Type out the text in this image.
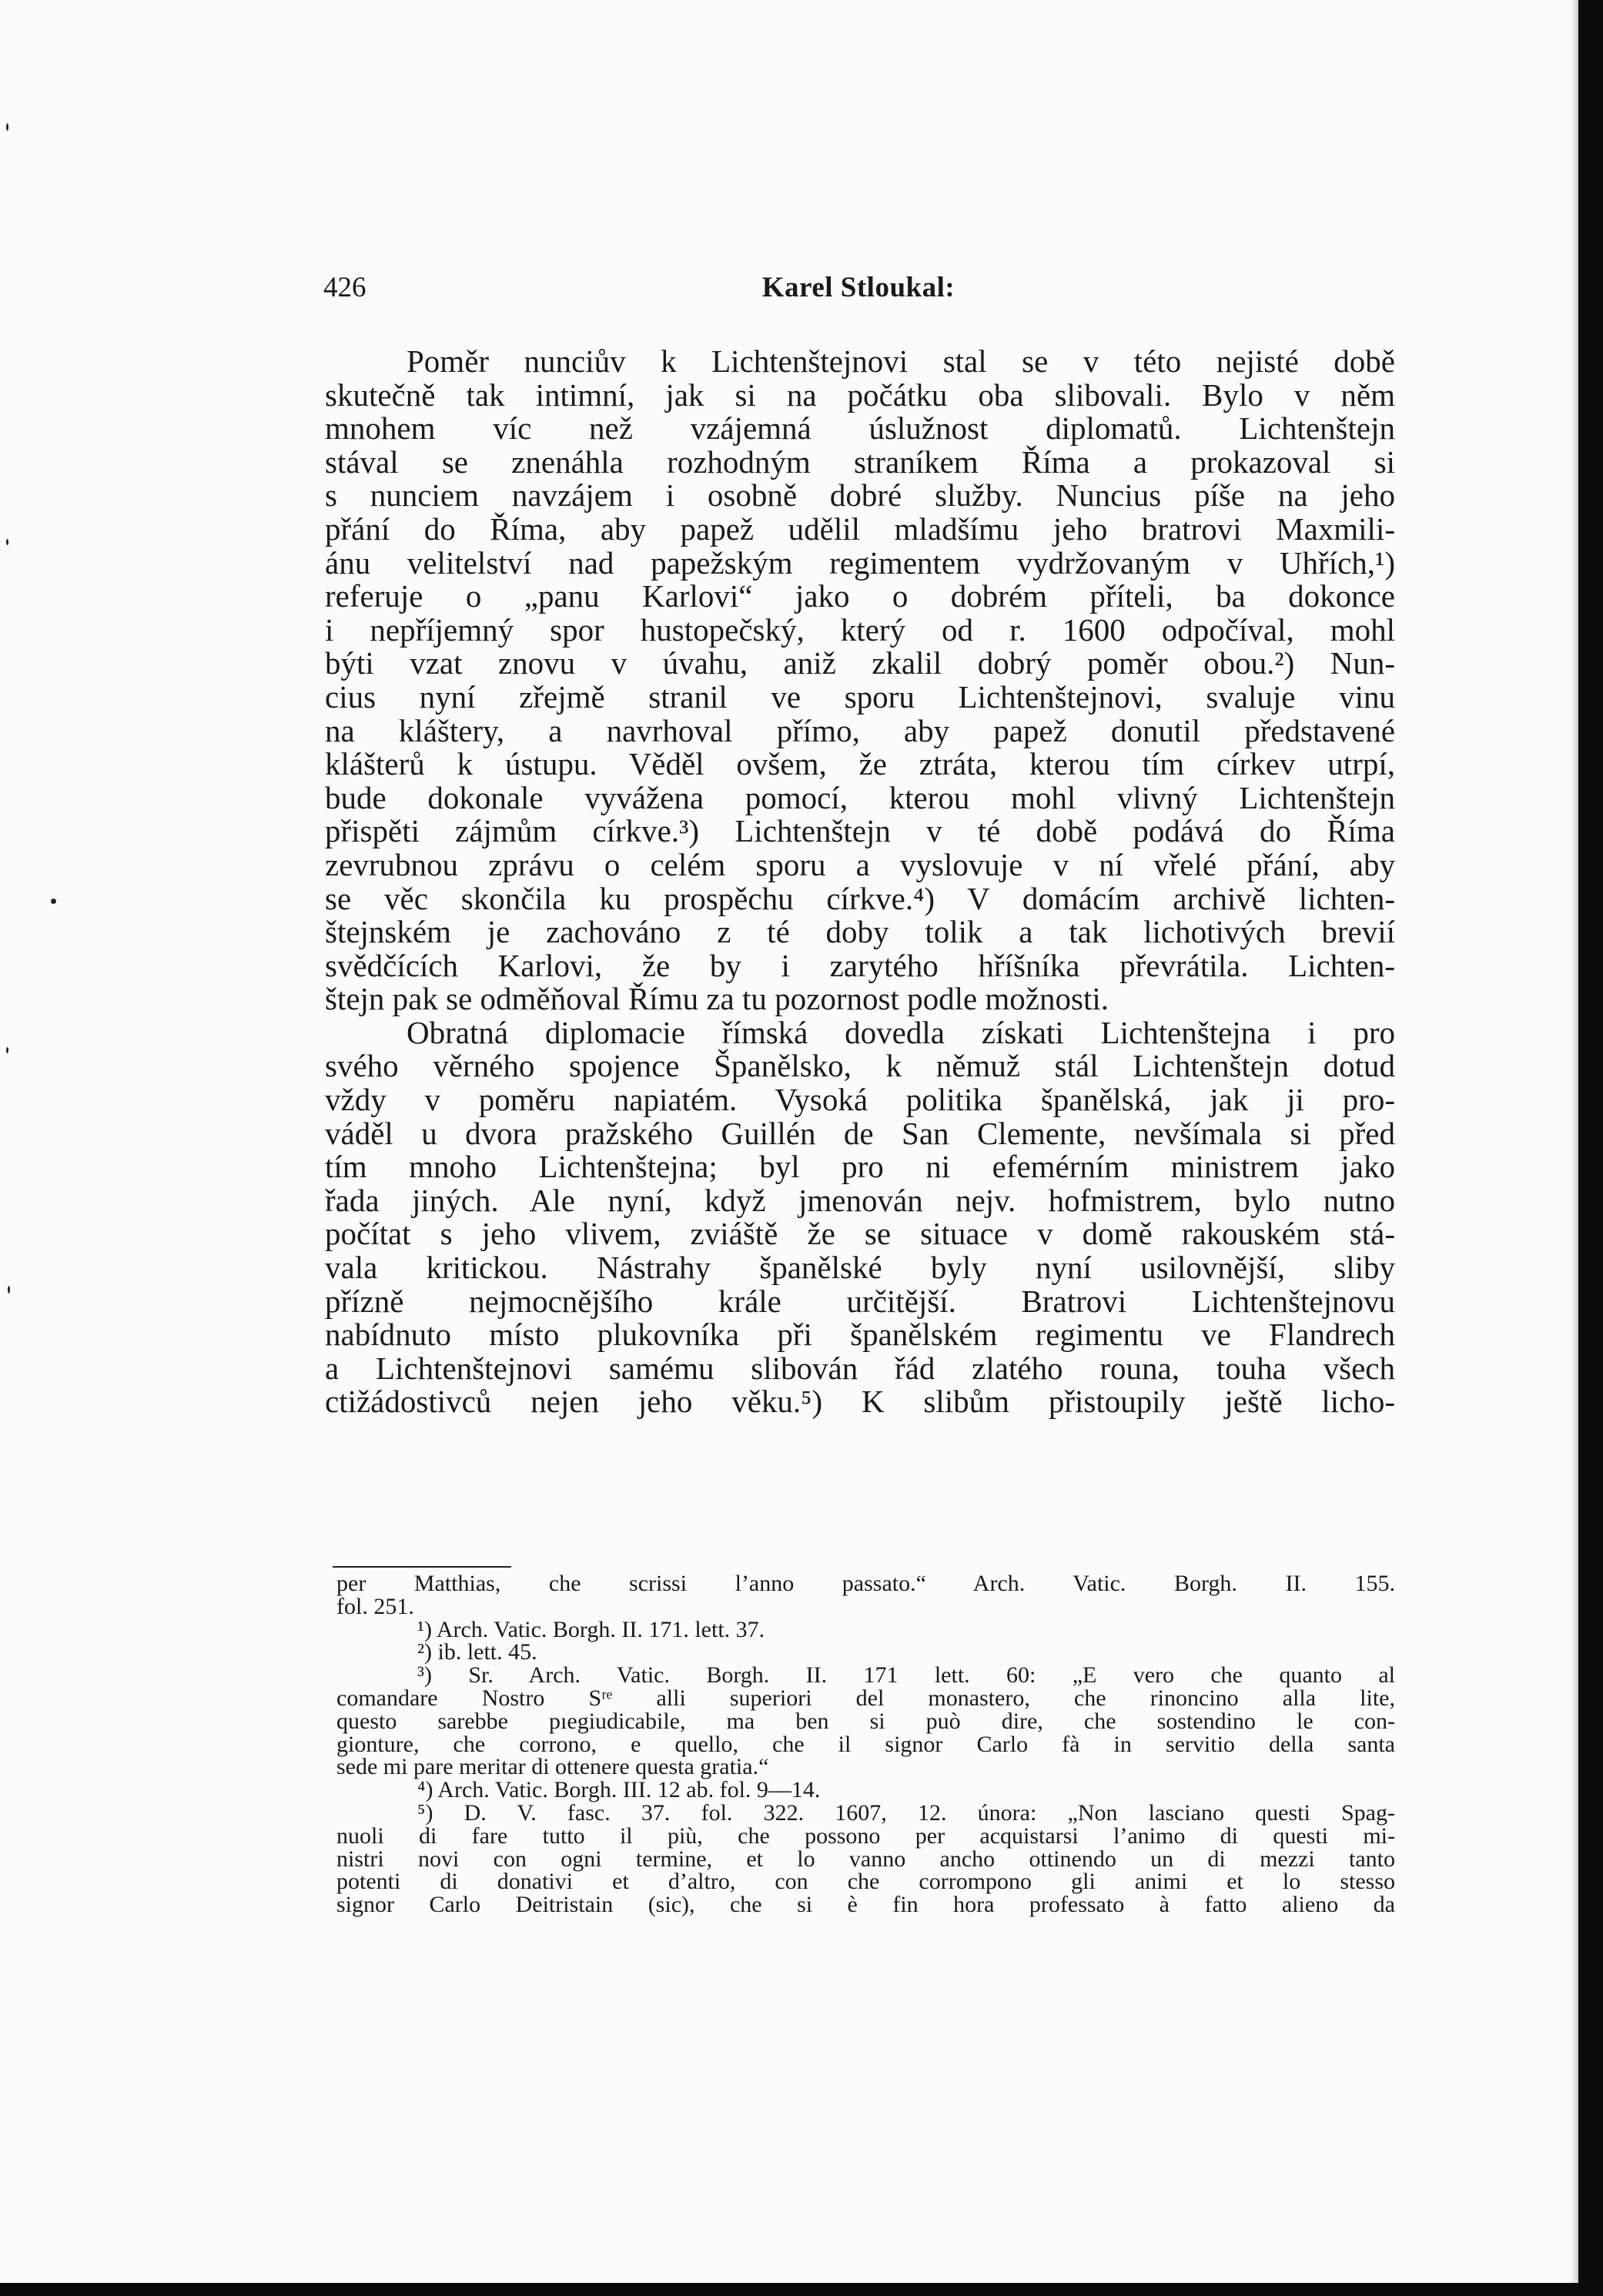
426	Karel Stloukal:
Poměr nunciův k Lichtenštejnovi stal se v této nejisté době
skutečně tak intimní, jak si na počátku oba slibovali. Bylo v něm
mnohem víc než vzájemná úslužnost diplomatů. Lichtenštejn
stával se znenáhla rozhodným straníkem Říma a prokazoval si
s nunciem navzájem i osobně dobré služby. Nuncius píše na jeho
přání do Říma, aby papež udělil mladšímu jeho bratrovi Maxmili-
ánu velitelství nad papežským regimentem vydržovaným v Uhřích,¹)
referuje o „panu Karlovi“ jako o dobrém příteli, ba dokonce
i nepříjemný spor hustopečský, který od r. 1600 odpočíval, mohl
býti vzat znovu v úvahu, aniž zkalil dobrý poměr obou.²) Nun-
cius nyní zřejmě stranil ve sporu Lichtenštejnovi, svaluje vinu
na kláštery, a navrhoval přímo, aby papež donutil představené
klášterů k ústupu. Věděl ovšem, že ztráta, kterou tím církev utrpí,
bude dokonale vyvážena pomocí, kterou mohl vlivný Lichtenštejn
přispěti zájmům církve.³) Lichtenštejn v té době podává do Říma
zevrubnou zprávu o celém sporu a vyslovuje v ní vřelé přání, aby
se věc skončila ku prospěchu církve.⁴) V domácím archivě lichten-
štejnském je zachováno z té doby tolik a tak lichotivých brevií
svědčících Karlovi, že by i zarytého hříšníka převrátila. Lichten-
štejn pak se odměňoval Římu za tu pozornost podle možnosti.
Obratná diplomacie římská dovedla získati Lichtenštejna i pro
svého věrného spojence Španělsko, k němuž stál Lichtenštejn dotud
vždy v poměru napiatém. Vysoká politika španělská, jak ji pro-
váděl u dvora pražského Guillén de San Clemente, nevšímala si před
tím mnoho Lichtenštejna; byl pro ni efemérním ministrem jako
řada jiných. Ale nyní, když jmenován nejv. hofmistrem, bylo nutno
počítat s jeho vlivem, zviáště že se situace v domě rakouském stá-
vala kritickou. Nástrahy španělské byly nyní usilovnější, sliby
přízně nejmocnějšího krále určitější. Bratrovi Lichtenštejnovu
nabídnuto místo plukovníka při španělském regimentu ve Flandrech
a Lichtenštejnovi samému slibován řád zlatého rouna, touha všech
ctižádostivců nejen jeho věku.⁵) K slibům přistoupily ještě licho-
per Matthias, che scrissi l’anno passato.“ Arch. Vatic. Borgh. II. 155.
fol. 251.
¹) Arch. Vatic. Borgh. II. 171. lett. 37.
²) ib. lett. 45.
³) Sr. Arch. Vatic. Borgh. II. 171 lett. 60: „E vero che quanto al
comandare Nostro Sʳᵉ alli superiori del monastero, che rinoncino alla lite,
questo sarebbe pıegiudicabile, ma ben si può dire, che sostendino le con-
gionture, che corrono, e quello, che il signor Carlo fà in servitio della santa
sede mi pare meritar di ottenere questa gratia.“
⁴) Arch. Vatic. Borgh. III. 12 ab. fol. 9—14.
⁵) D. V. fasc. 37. fol. 322. 1607, 12. února: „Non lasciano questi Spag-
nuoli di fare tutto il più, che possono per acquistarsi l’animo di questi mi-
nistri novi con ogni termine, et lo vanno ancho ottinendo un di mezzi tanto
potenti di donativi et d’altro, con che corrompono gli animi et lo stesso
signor Carlo Deitristain (sic), che si è fin hora professato à fatto alieno da
